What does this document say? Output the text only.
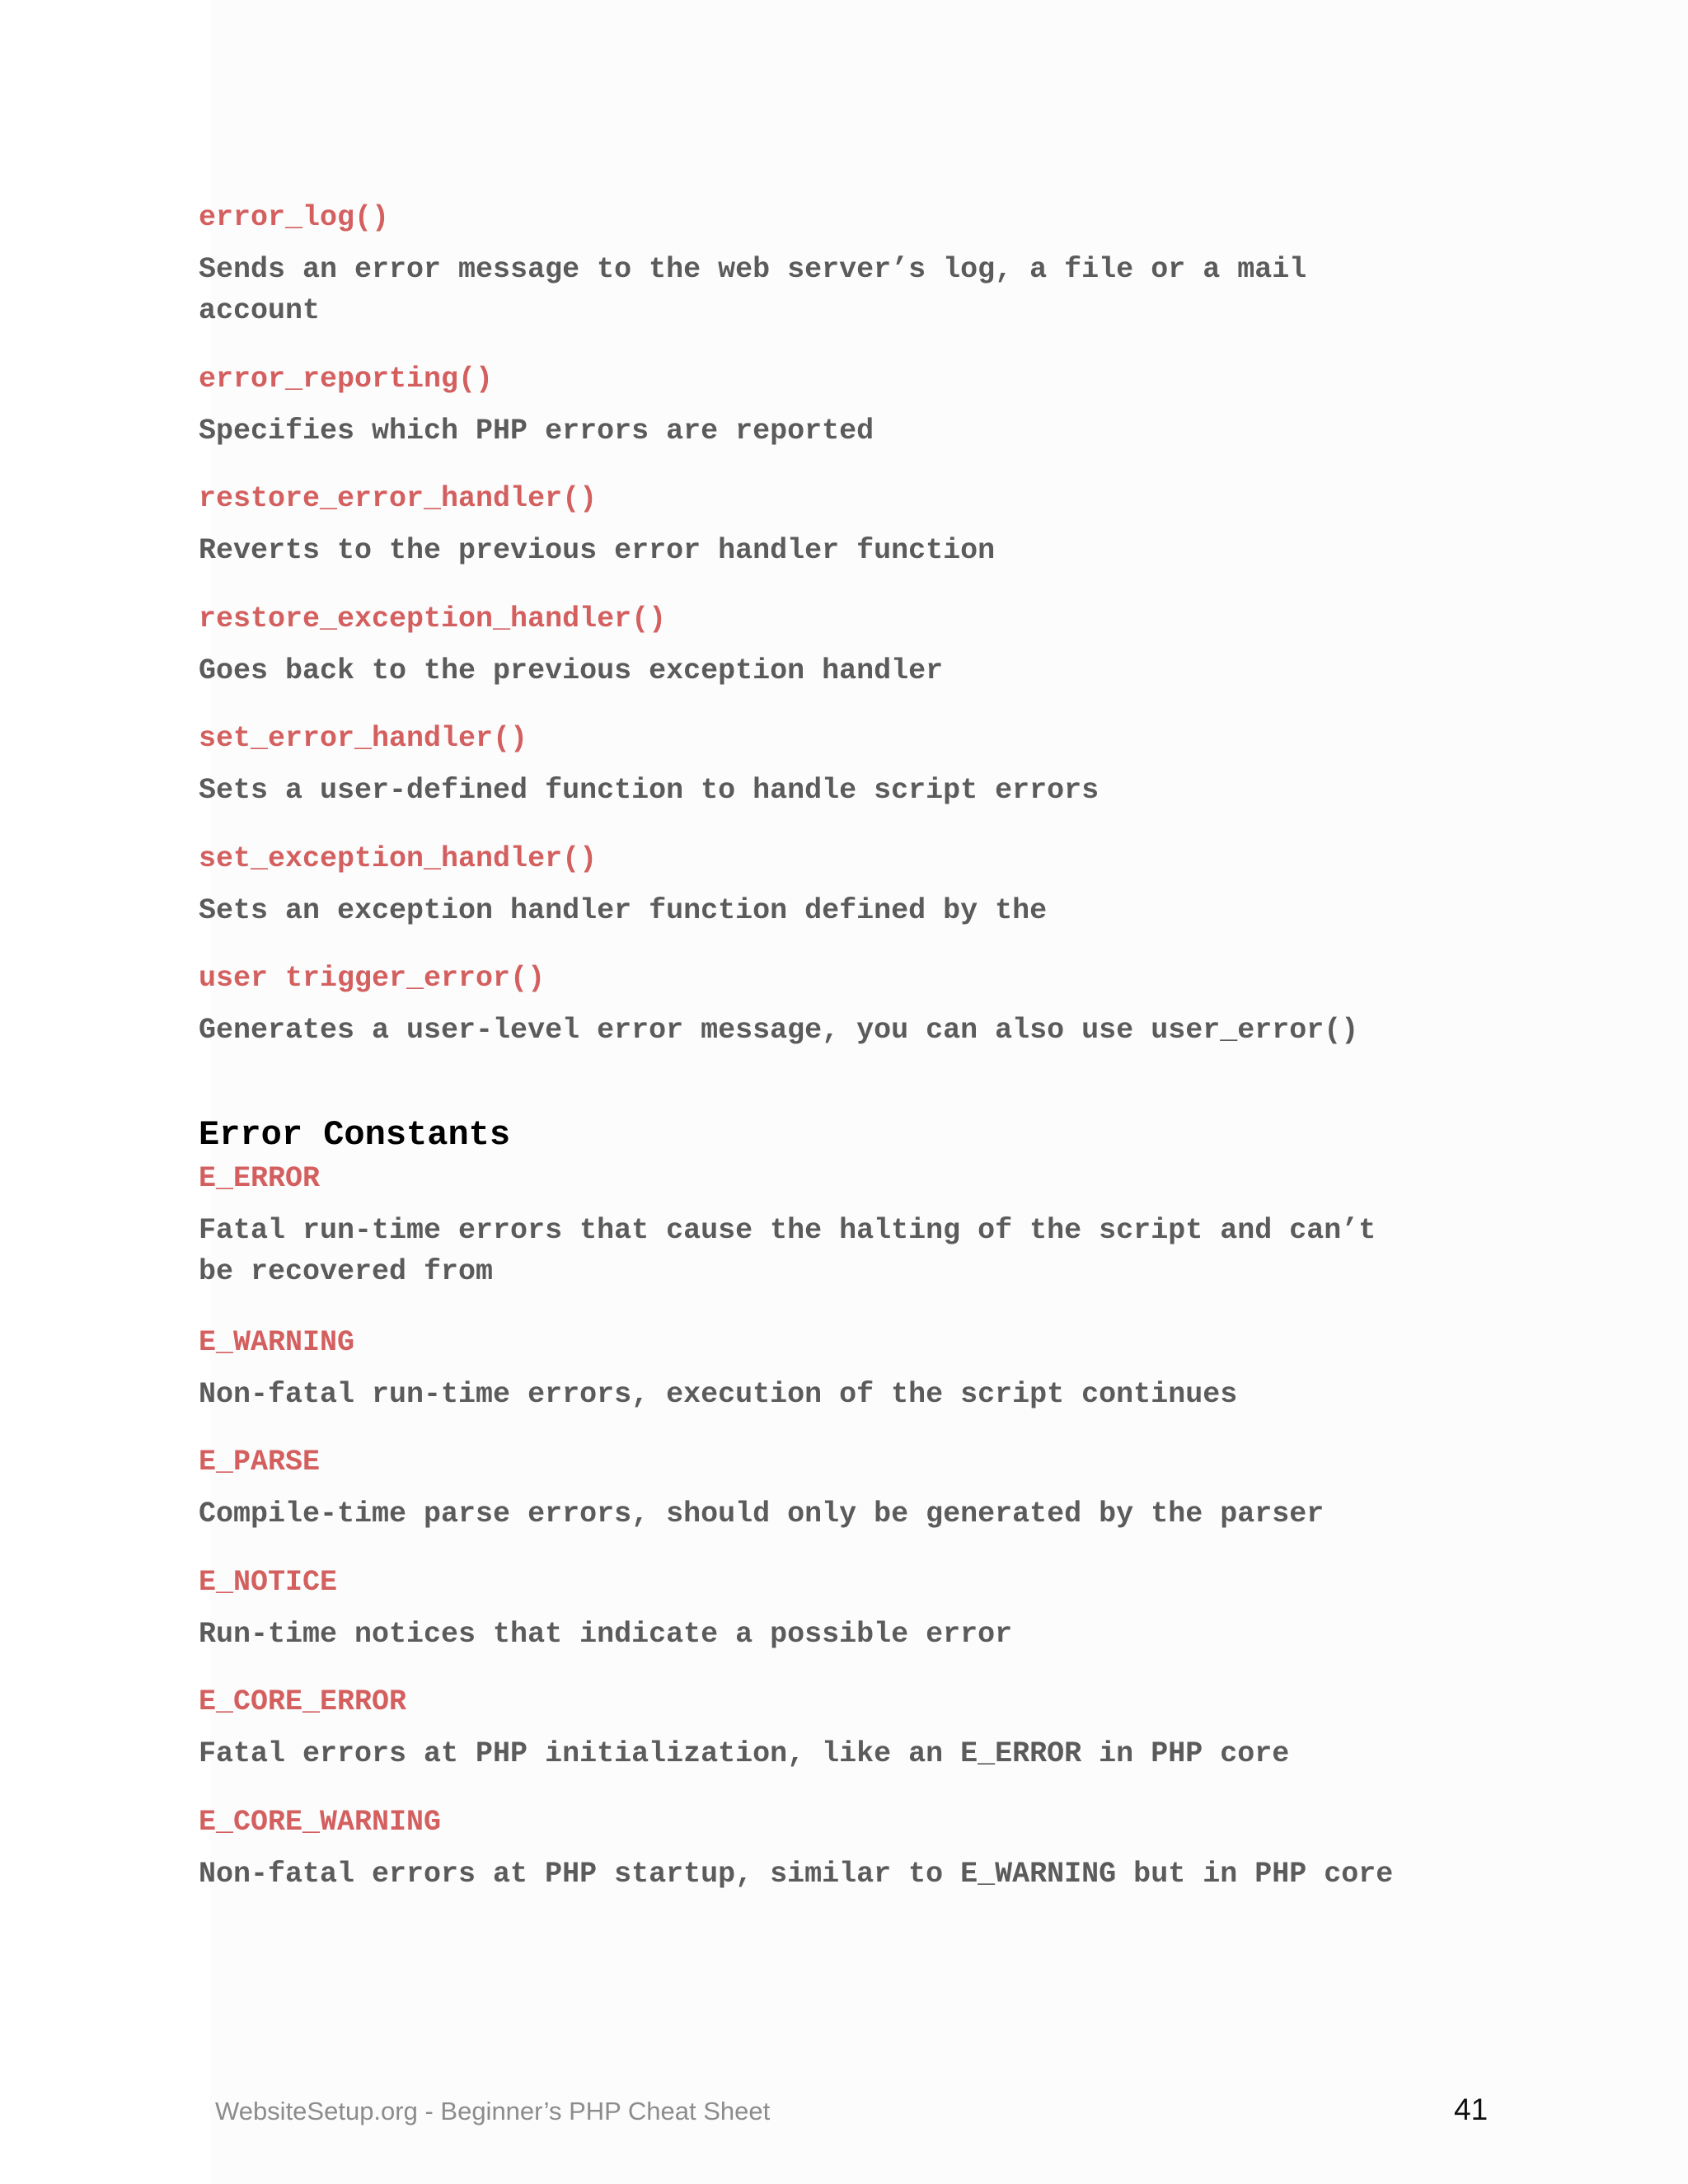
error_log()
Sends an error message to the web server’s log, a file or a mail
account
error_reporting()
Specifies which PHP errors are reported
restore_error_handler()
Reverts to the previous error handler function
restore_exception_handler()
Goes back to the previous exception handler
set_error_handler()
Sets a user-defined function to handle script errors
set_exception_handler()
Sets an exception handler function defined by the
user trigger_error()
Generates a user-level error message, you can also use user_error()
Error Constants
E_ERROR
Fatal run-time errors that cause the halting of the script and can’t
be recovered from
E_WARNING
Non-fatal run-time errors, execution of the script continues
E_PARSE
Compile-time parse errors, should only be generated by the parser
E_NOTICE
Run-time notices that indicate a possible error
E_CORE_ERROR
Fatal errors at PHP initialization, like an E_ERROR in PHP core
E_CORE_WARNING
Non-fatal errors at PHP startup, similar to E_WARNING but in PHP core
WebsiteSetup.org - Beginner’s PHP Cheat Sheet	41
